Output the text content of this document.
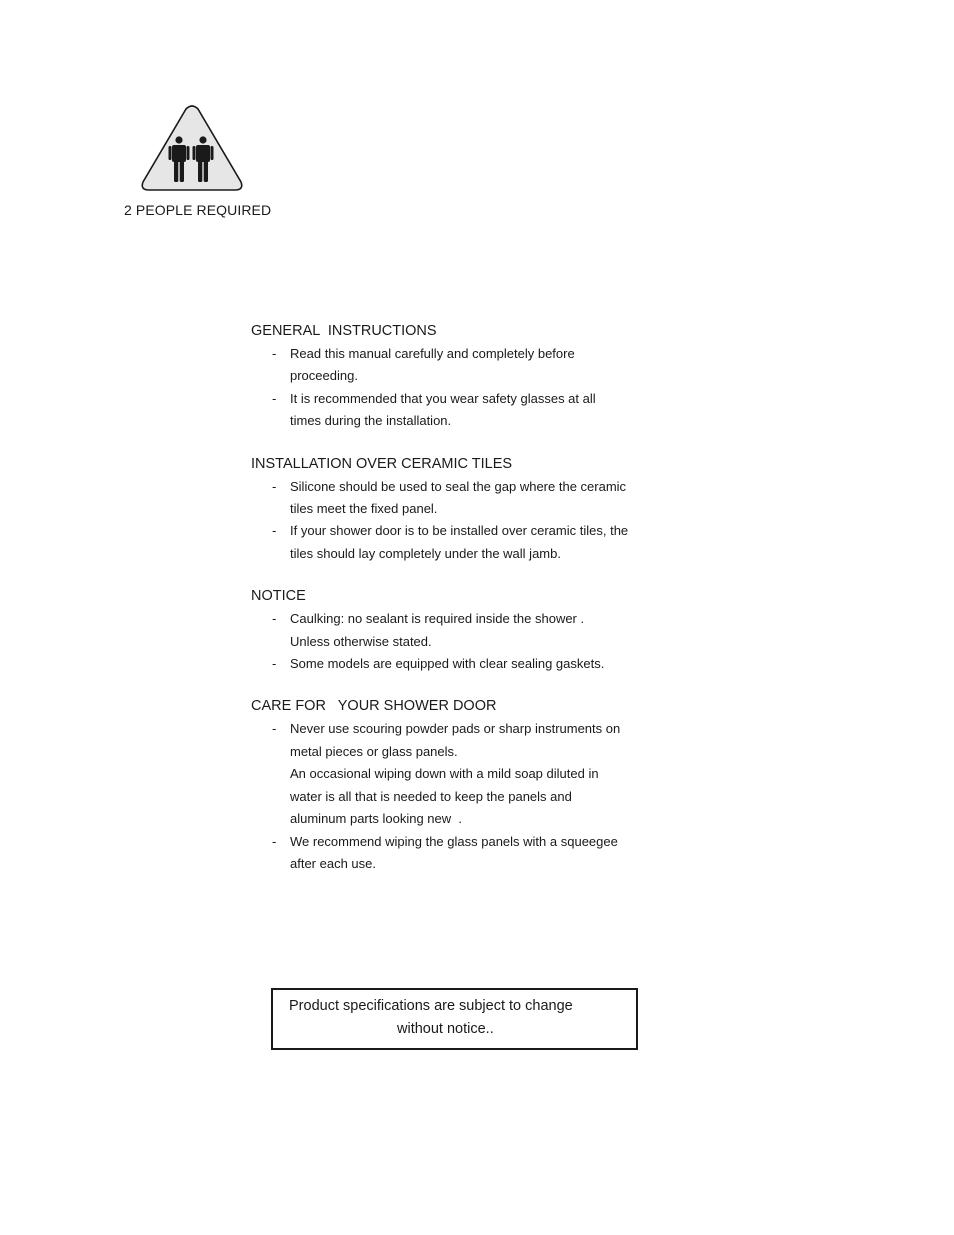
2 PEOPLE REQUIRED
GENERAL  INSTRUCTIONS
- Read this manual carefully and completely before
proceeding.
- It is recommended that you wear safety glasses at all
times during the installation.
INSTALLATION OVER CERAMIC TILES
- Silicone should be used to seal the gap where the ceramic
tiles meet the fixed panel.
- If your shower door is to be installed over ceramic tiles, the
tiles should lay completely under the wall jamb.
NOTICE
- Caulking: no sealant is required inside the shower .
Unless otherwise stated.
- Some models are equipped with clear sealing gaskets.
CARE FOR   YOUR SHOWER DOOR
- Never use scouring powder pads or sharp instruments on
metal pieces or glass panels.
An occasional wiping down with a mild soap diluted in
water is all that is needed to keep the panels and
aluminum parts looking new  .
- We recommend wiping the glass panels with a squeegee
after each use.
Product specifications are subject to change
without notice..
